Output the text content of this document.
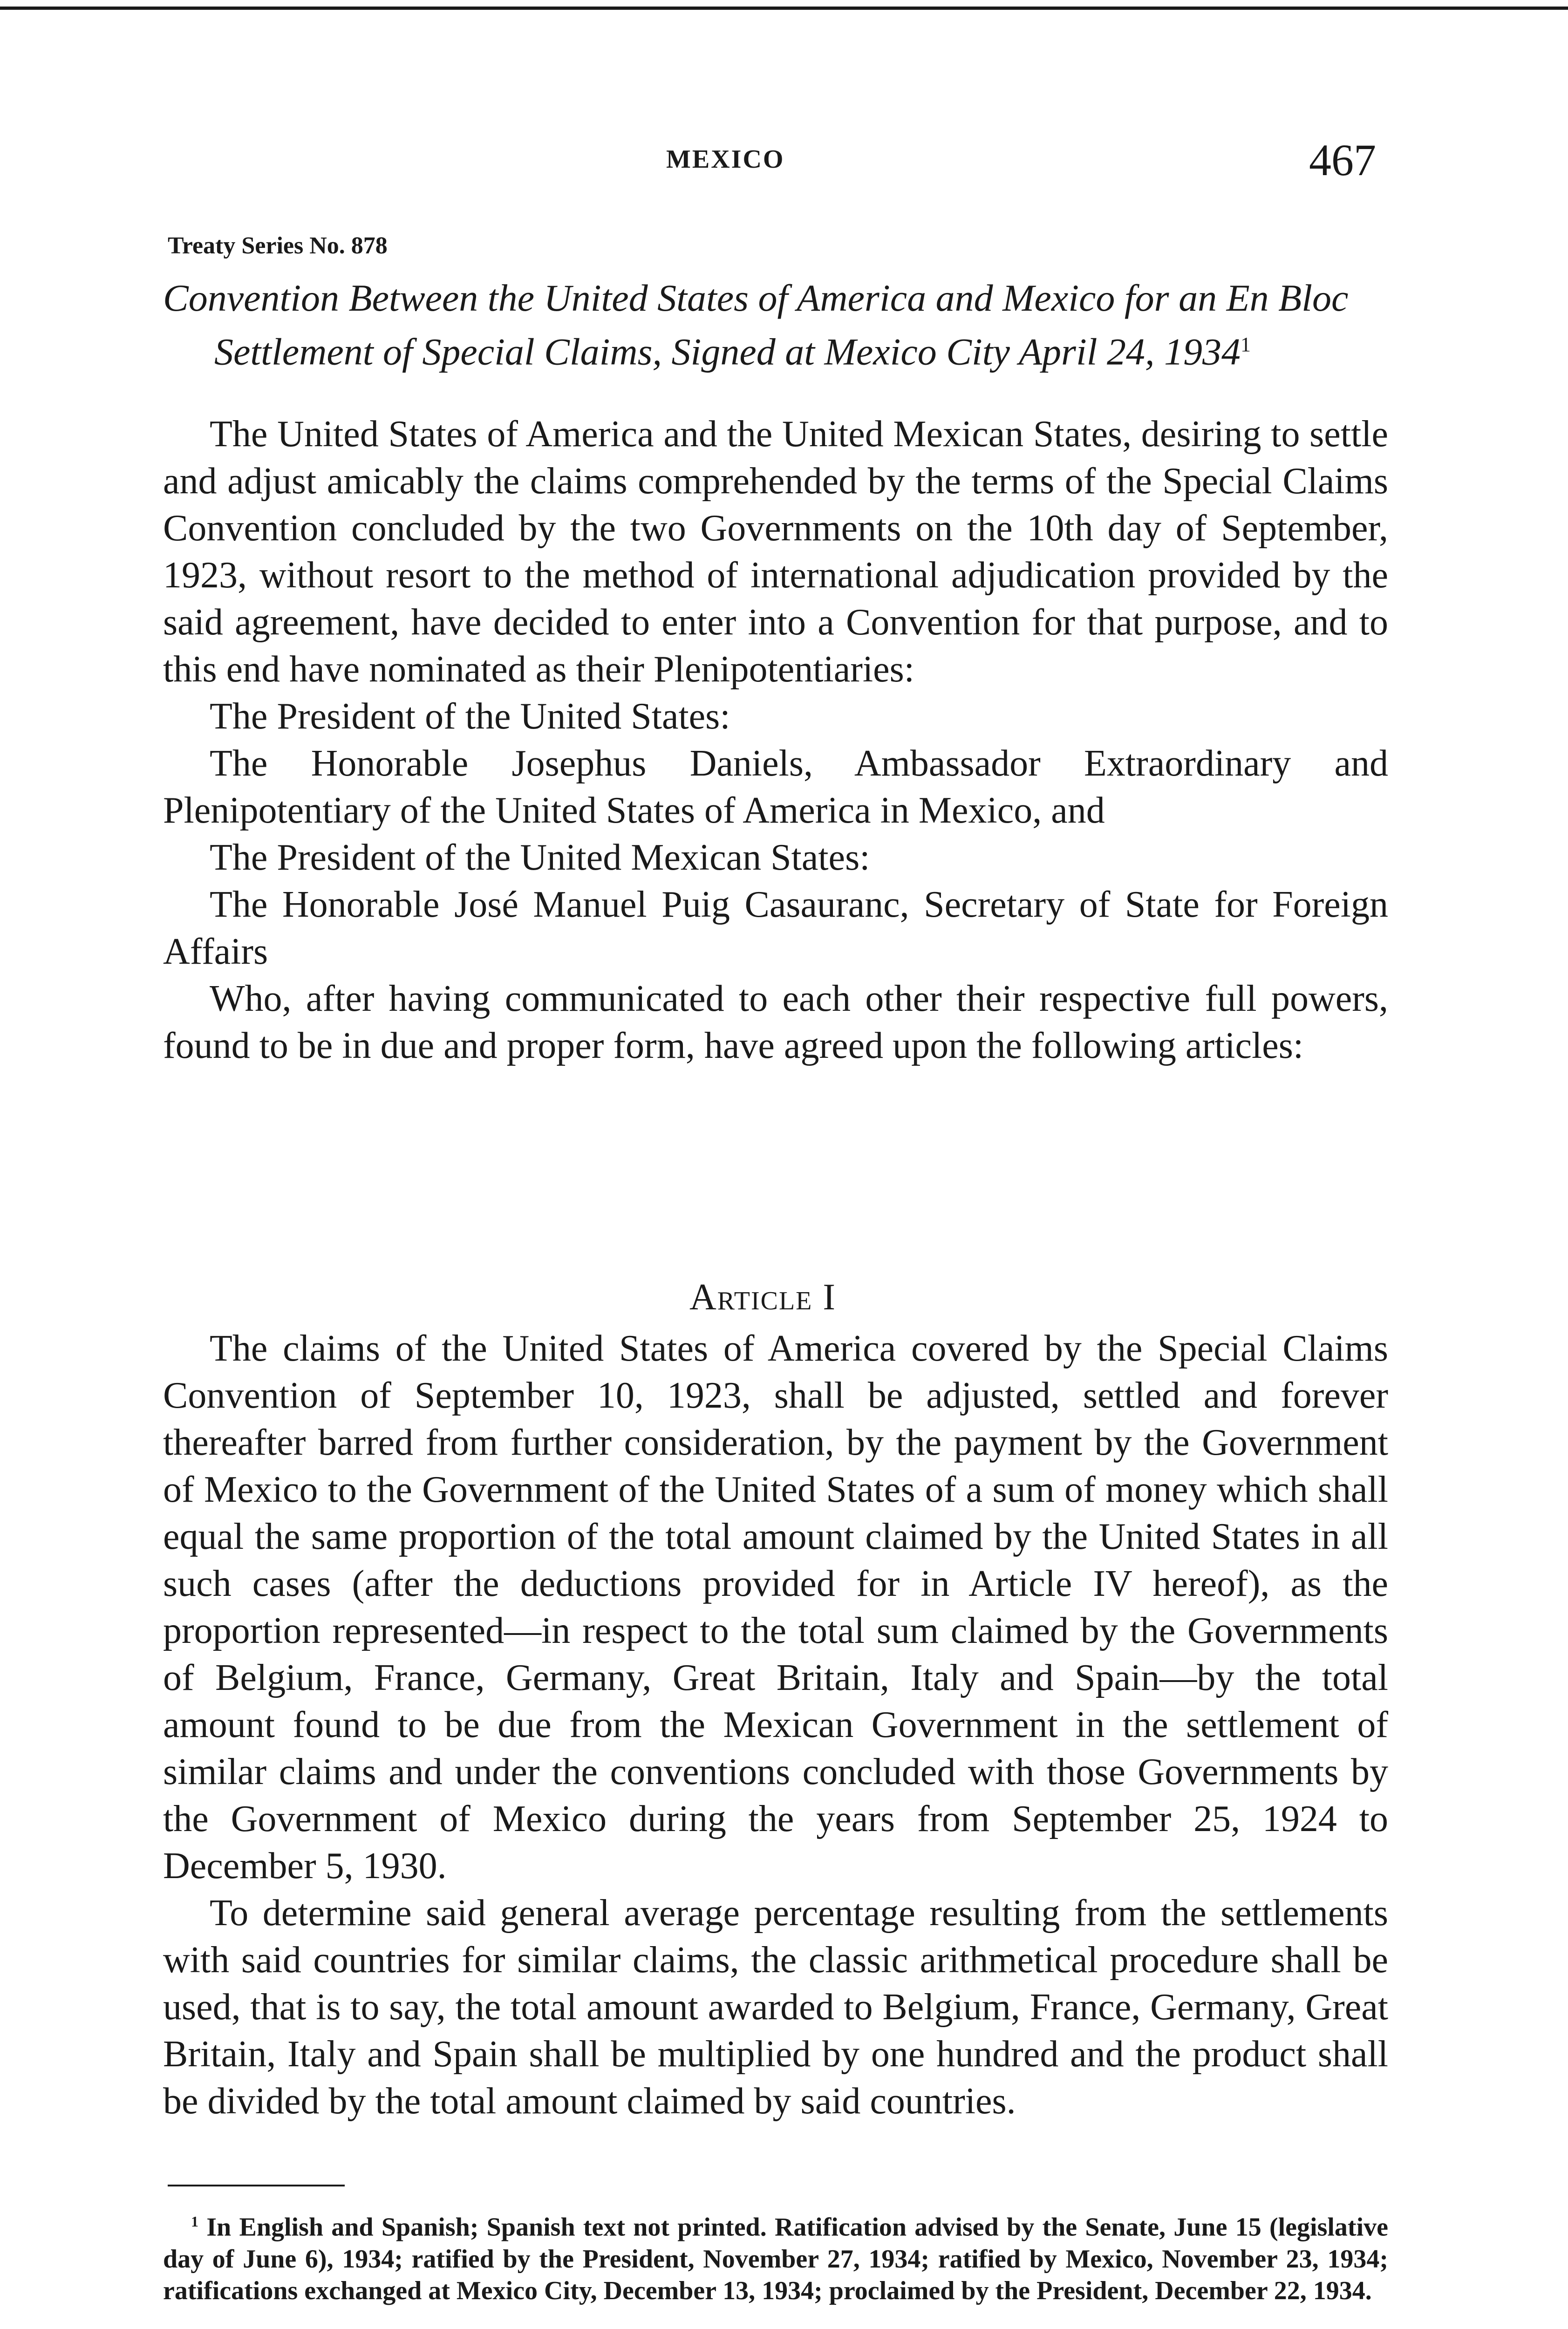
MEXICO	467
Treaty Series No. 878
Convention Between the United States of America and Mexico for an En Bloc Settlement of Special Claims, Signed at Mexico City April 24, 1934$^1$

The United States of America and the United Mexican States, desiring to settle and adjust amicably the claims comprehended by the terms of the Special Claims Convention concluded by the two Governments on the 10th day of September, 1923, without resort to the method of international adjudication provided by the said agreement, have decided to enter into a Convention for that purpose, and to this end have nominated as their Plenipotentiaries:

The President of the United States:

The Honorable Josephus Daniels, Ambassador Extraordinary and Plenipotentiary of the United States of America in Mexico, and

The President of the United Mexican States:

The Honorable José Manuel Puig Casauranc, Secretary of State for Foreign Affairs

Who, after having communicated to each other their respective full powers, found to be in due and proper form, have agreed upon the following articles:

Article I

The claims of the United States of America covered by the Special Claims Convention of September 10, 1923, shall be adjusted, settled and forever thereafter barred from further consideration, by the payment by the Government of Mexico to the Government of the United States of a sum of money which shall equal the same proportion of the total amount claimed by the United States in all such cases (after the deductions provided for in Article IV hereof), as the proportion represented—in respect to the total sum claimed by the Governments of Belgium, France, Germany, Great Britain, Italy and Spain—by the total amount found to be due from the Mexican Government in the settlement of similar claims and under the conventions concluded with those Governments by the Government of Mexico during the years from September 25, 1924 to December 5, 1930.

To determine said general average percentage resulting from the settlements with said countries for similar claims, the classic arithmetical procedure shall be used, that is to say, the total amount awarded to Belgium, France, Germany, Great Britain, Italy and Spain shall be multiplied by one hundred and the product shall be divided by the total amount claimed by said countries.

$^1$ In English and Spanish; Spanish text not printed. Ratification advised by the Senate, June 15 (legislative day of June 6), 1934; ratified by the President, November 27, 1934; ratified by Mexico, November 23, 1934; ratifications exchanged at Mexico City, December 13, 1934; proclaimed by the President, December 22, 1934.
